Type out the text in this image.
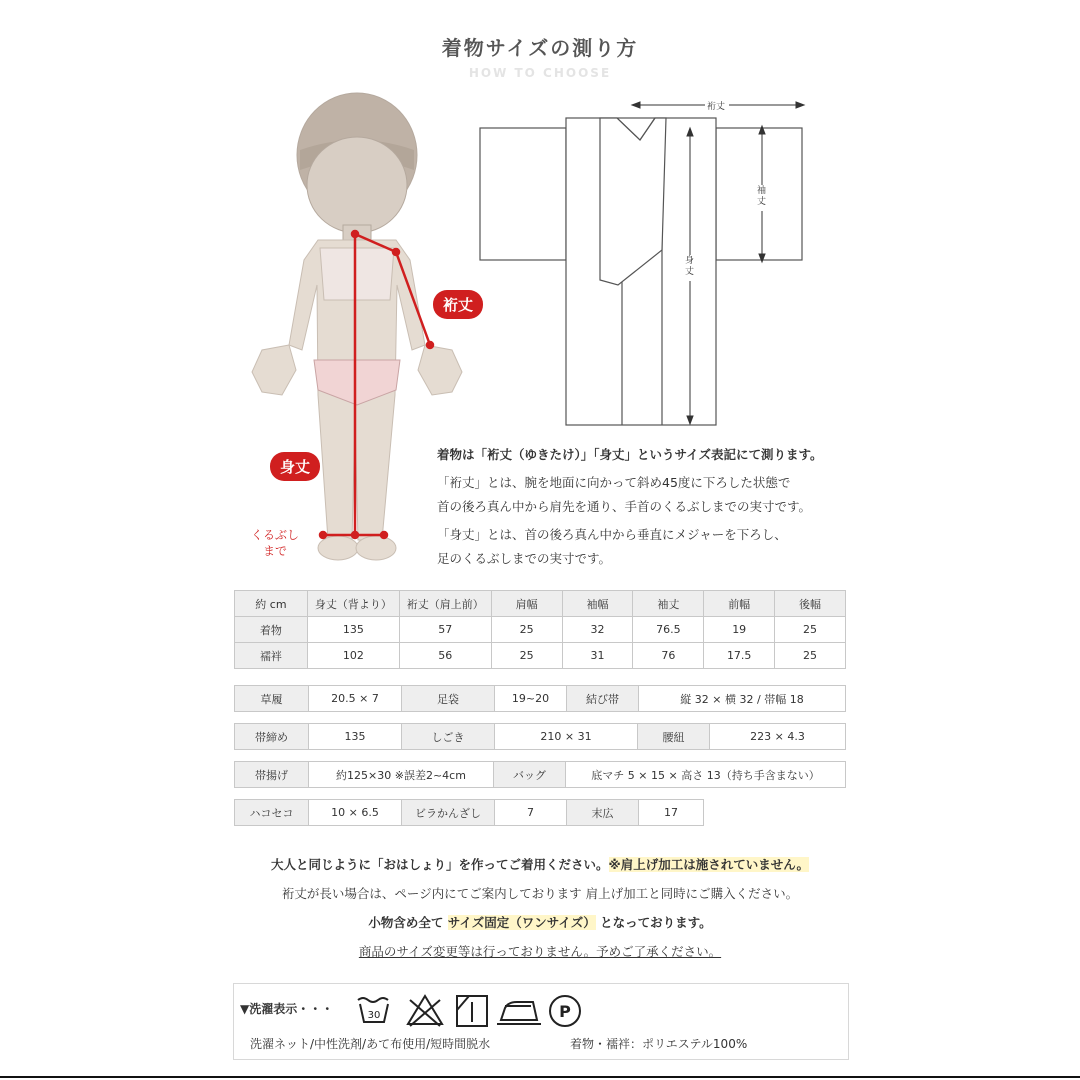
着物サイズの測り方
HOW TO CHOOSE
裄丈
身丈
くるぶし
まで
裄丈
袖丈
身丈
着物は「裄丈（ゆきたけ）」「身丈」というサイズ表記にて測ります。
「裄丈」とは、腕を地面に向かって斜め45度に下ろした状態で
首の後ろ真ん中から肩先を通り、手首のくるぶしまでの実寸です。
「身丈」とは、首の後ろ真ん中から垂直にメジャーを下ろし、
足のくるぶしまでの実寸です。
約 cm	身丈（背より）	裄丈（肩上前）	肩幅	袖幅	袖丈	前幅	後幅
着物	135	57	25	32	76.5	19	25
襦袢	102	56	25	31	76	17.5	25
草履	20.5 × 7	足袋	19~20	結び帯	縦 32 × 横 32 / 帯幅 18
帯締め	135	しごき	210 × 31	腰紐	223 × 4.3
帯揚げ	約125×30 ※誤差2~4cm	バッグ	底マチ 5 × 15 × 高さ 13（持ち手含まない）
ハコセコ	10 × 6.5	ビラかんざし	7	末広	17
大人と同じように「おはしょり」を作ってご着用ください。※肩上げ加工は施されていません。
裄丈が長い場合は、ページ内にてご案内しております 肩上げ加工と同時にご購入ください。
小物含め全て サイズ固定（ワンサイズ） となっております。
商品のサイズ変更等は行っておりません。予めご了承ください。
▼洗濯表示・・・	30	P
洗濯ネット/中性洗剤/あて布使用/短時間脱水	着物・襦袢：ポリエステル100%
